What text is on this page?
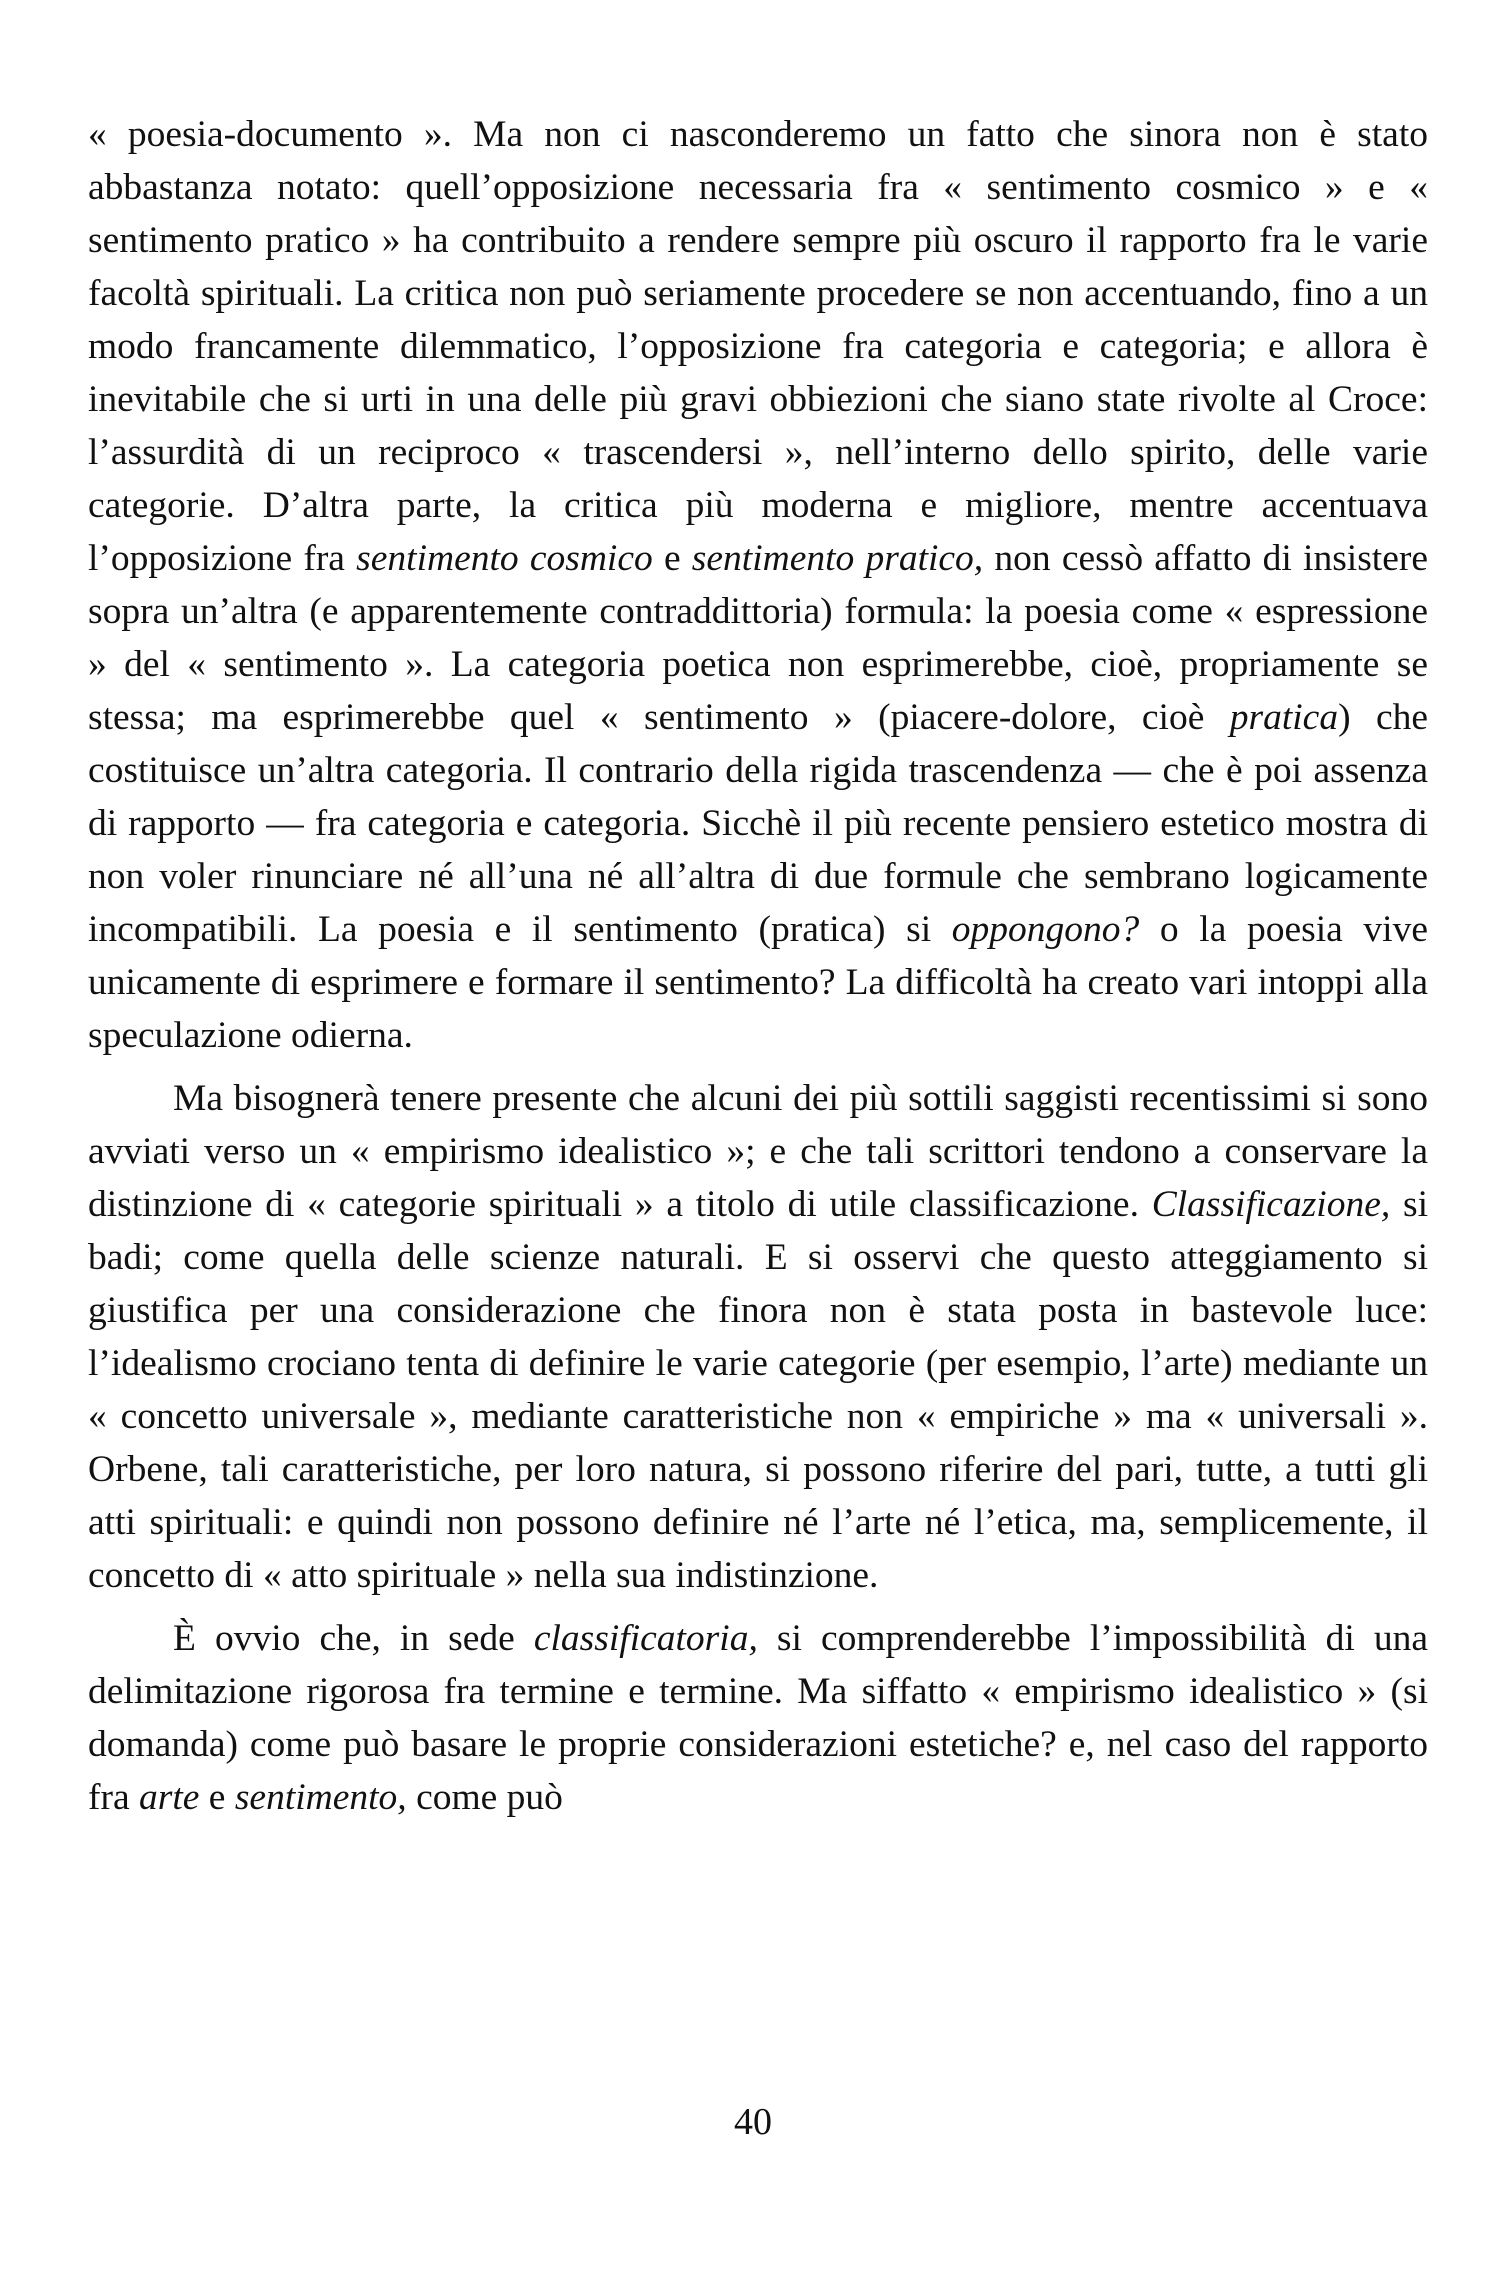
« poesia-documento ». Ma non ci nasconderemo un fatto che sinora non è stato abbastanza notato: quell’opposizione necessaria fra « sentimento cosmico » e « sentimento pratico » ha contribuito a rendere sempre più oscuro il rapporto fra le varie facoltà spirituali. La critica non può seriamente procedere se non accentuando, fino a un modo francamente dilemmatico, l’opposizione fra categoria e categoria; e allora è inevitabile che si urti in una delle più gravi obbiezioni che siano state rivolte al Croce: l’assurdità di un reciproco « trascendersi », nell’interno dello spirito, delle varie categorie. D’altra parte, la critica più moderna e migliore, mentre accentuava l’opposizione fra sentimento cosmico e sentimento pratico, non cessò affatto di insistere sopra un’altra (e apparentemente contraddittoria) formula: la poesia come « espressione » del « sentimento ». La categoria poetica non esprimerebbe, cioè, propriamente se stessa; ma esprimerebbe quel « sentimento » (piacere-dolore, cioè pratica) che costituisce un’altra categoria. Il contrario della rigida trascendenza — che è poi assenza di rapporto — fra categoria e categoria. Sicchè il più recente pensiero estetico mostra di non voler rinunciare né all’una né all’altra di due formule che sembrano logicamente incompatibili. La poesia e il sentimento (pratica) si oppongono? o la poesia vive unicamente di esprimere e formare il sentimento? La difficoltà ha creato vari intoppi alla speculazione odierna.

Ma bisognerà tenere presente che alcuni dei più sottili saggisti recentissimi si sono avviati verso un « empirismo idealistico »; e che tali scrittori tendono a conservare la distinzione di « categorie spirituali » a titolo di utile classificazione. Classificazione, si badi; come quella delle scienze naturali. E si osservi che questo atteggiamento si giustifica per una considerazione che finora non è stata posta in bastevole luce: l’idealismo crociano tenta di definire le varie categorie (per esempio, l’arte) mediante un « concetto universale », mediante caratteristiche non « empiriche » ma « universali ». Orbene, tali caratteristiche, per loro natura, si possono riferire del pari, tutte, a tutti gli atti spirituali: e quindi non possono definire né l’arte né l’etica, ma, semplicemente, il concetto di « atto spirituale » nella sua indistinzione.

È ovvio che, in sede classificatoria, si comprenderebbe l’impossibilità di una delimitazione rigorosa fra termine e termine. Ma siffatto « empirismo idealistico » (si domanda) come può basare le proprie considerazioni estetiche? e, nel caso del rapporto fra arte e sentimento, come può

40
